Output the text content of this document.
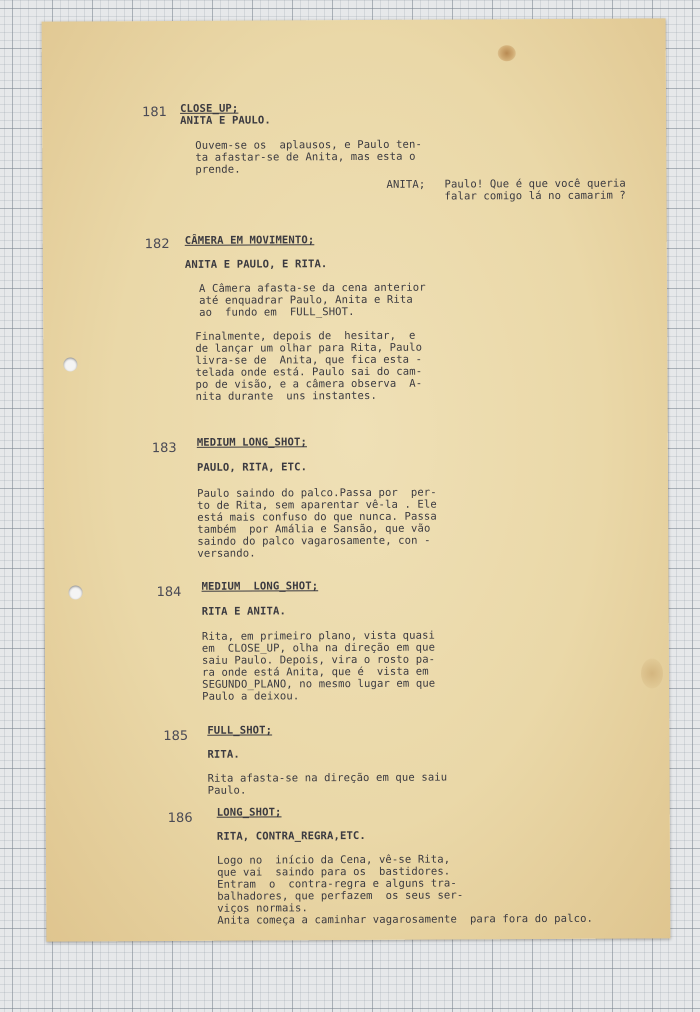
181 CLOSE_UP;
ANITA E PAULO.
Ouvem-se os  aplausos, e Paulo ten-
ta afastar-se de Anita, mas esta o
prende.
ANITA; Paulo! Que é que você queria
falar comigo lá no camarim ?
182 CÂMERA EM MOVIMENTO;
ANITA E PAULO, E RITA.
A Câmera afasta-se da cena anterior
até enquadrar Paulo, Anita e Rita
ao  fundo em  FULL_SHOT.
Finalmente, depois de  hesitar,  e
de lançar um olhar para Rita, Paulo
livra-se de  Anita, que fica esta -
telada onde está. Paulo sai do cam-
po de visão, e a câmera observa  A-
nita durante  uns instantes.
183 MEDIUM LONG_SHOT;
PAULO, RITA, ETC.
Paulo saindo do palco.Passa por  per-
to de Rita, sem aparentar vê-la . Ele
está mais confuso do que nunca. Passa
também  por Amália e Sansão, que vão
saindo do palco vagarosamente, con -
versando.
184 MEDIUM  LONG_SHOT;
RITA E ANITA.
Rita, em primeiro plano, vista quasi
em  CLOSE_UP, olha na direção em que
saiu Paulo. Depois, vira o rosto pa-
ra onde está Anita, que é  vista em
SEGUNDO_PLANO, no mesmo lugar em que
Paulo a deixou.
185 FULL_SHOT;
RITA.
Rita afasta-se na direção em que saiu
Paulo.
186 LONG_SHOT;
RITA, CONTRA_REGRA,ETC.
Logo no  início da Cena, vê-se Rita,
que vai  saindo para os  bastidores.
Entram  o  contra-regra e alguns tra-
balhadores, que perfazem  os seus ser-
viços normais.
Anita começa a caminhar vagarosamente  para fora do palco.
